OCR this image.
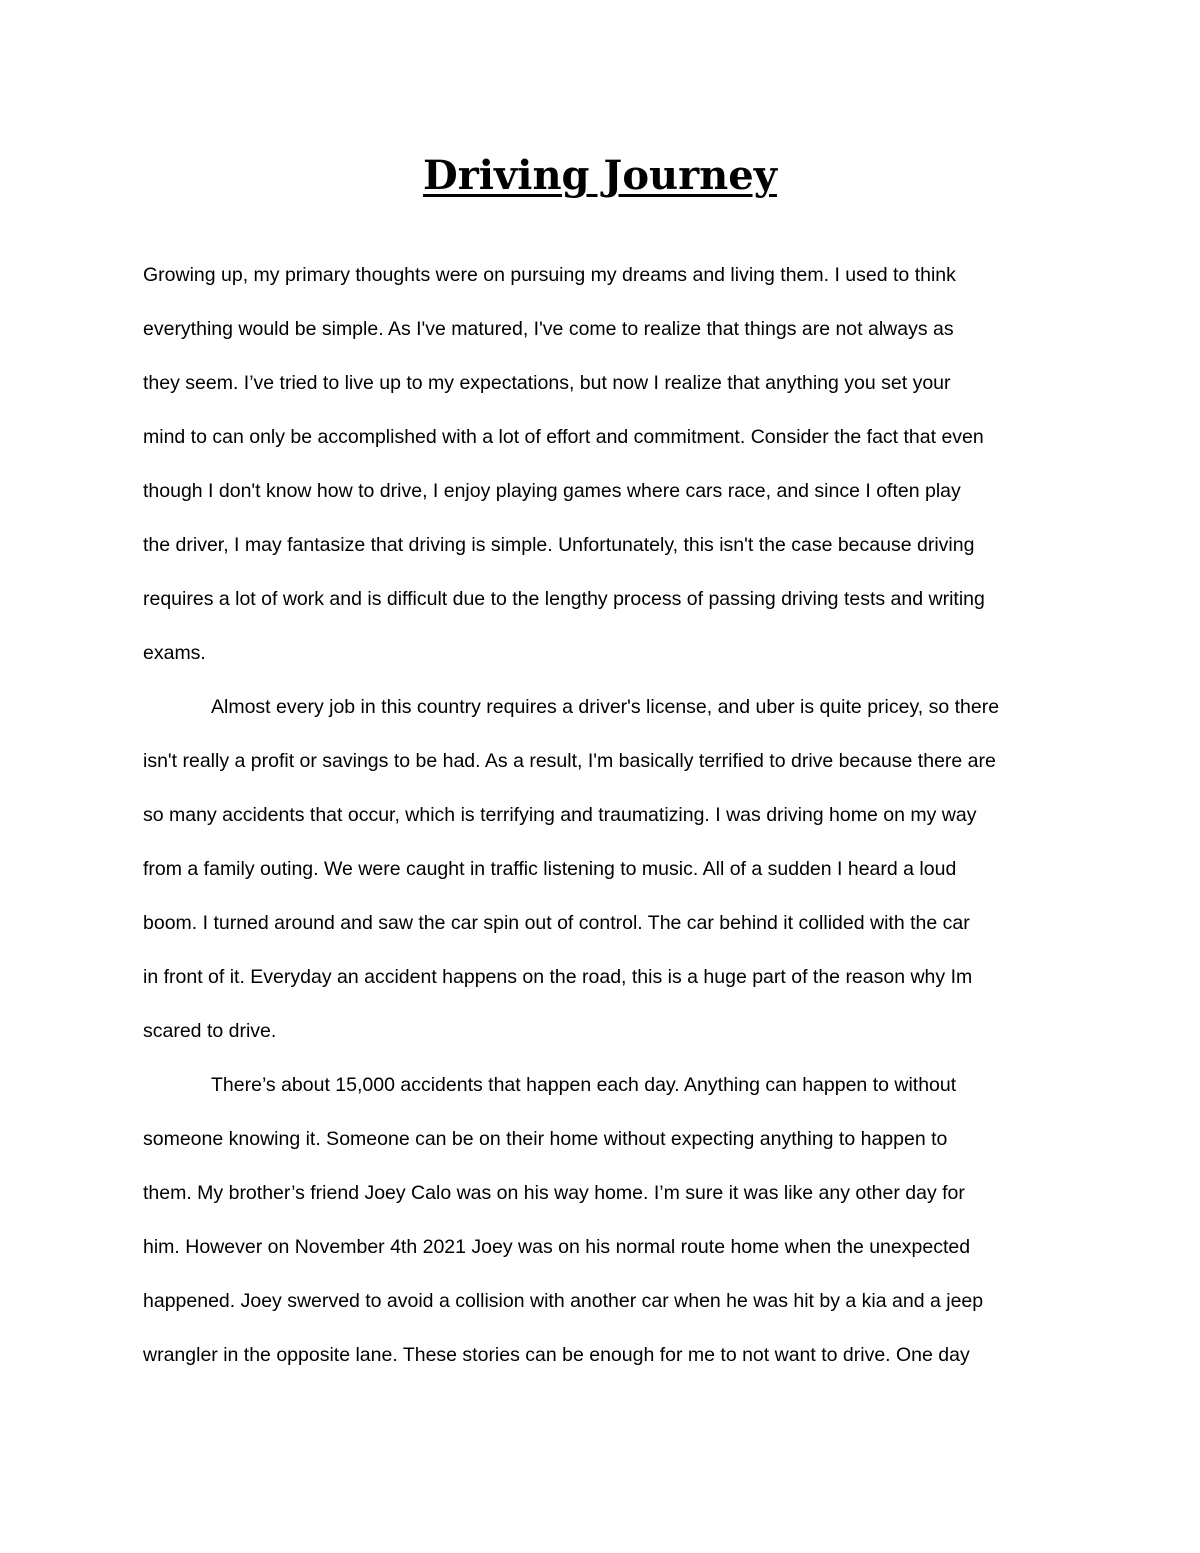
Driving Journey
Growing up, my primary thoughts were on pursuing my dreams and living them. I used to think
everything would be simple. As I've matured, I've come to realize that things are not always as
they seem. I’ve tried to live up to my expectations, but now I realize that anything you set your
mind to can only be accomplished with a lot of effort and commitment. Consider the fact that even
though I don't know how to drive, I enjoy playing games where cars race, and since I often play
the driver, I may fantasize that driving is simple. Unfortunately, this isn't the case because driving
requires a lot of work and is difficult due to the lengthy process of passing driving tests and writing
exams.
Almost every job in this country requires a driver's license, and uber is quite pricey, so there
isn't really a profit or savings to be had. As a result, I'm basically terrified to drive because there are
so many accidents that occur, which is terrifying and traumatizing. I was driving home on my way
from a family outing. We were caught in traffic listening to music. All of a sudden I heard a loud
boom. I turned around and saw the car spin out of control. The car behind it collided with the car
in front of it. Everyday an accident happens on the road, this is a huge part of the reason why Im
scared to drive.
There’s about 15,000 accidents that happen each day. Anything can happen to without
someone knowing it. Someone can be on their home without expecting anything to happen to
them. My brother’s friend Joey Calo was on his way home. I’m sure it was like any other day for
him. However on November 4th 2021 Joey was on his normal route home when the unexpected
happened. Joey swerved to avoid a collision with another car when he was hit by a kia and a jeep
wrangler in the opposite lane. These stories can be enough for me to not want to drive. One day
